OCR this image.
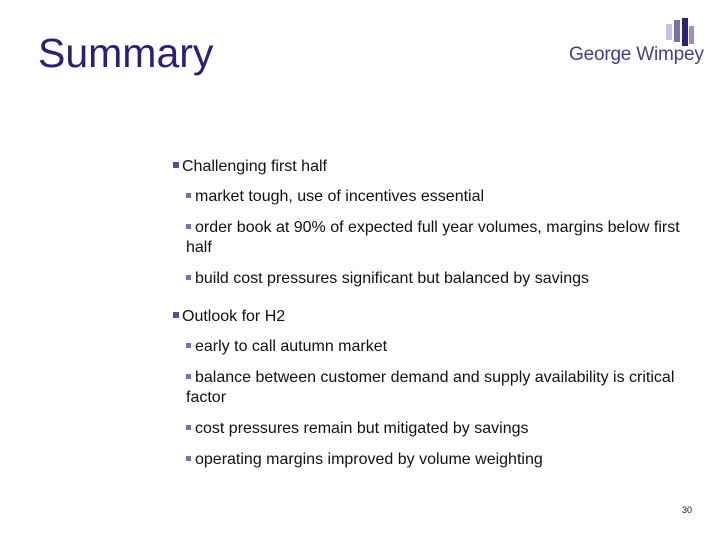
Summary	George Wimpey
Challenging first half
market tough, use of incentives essential
order book at 90% of expected full year volumes, margins below first half
build cost pressures significant but balanced by savings
Outlook for H2
early to call autumn market
balance between customer demand and supply availability is critical factor
cost pressures remain but mitigated by savings
operating margins improved by volume weighting
30
